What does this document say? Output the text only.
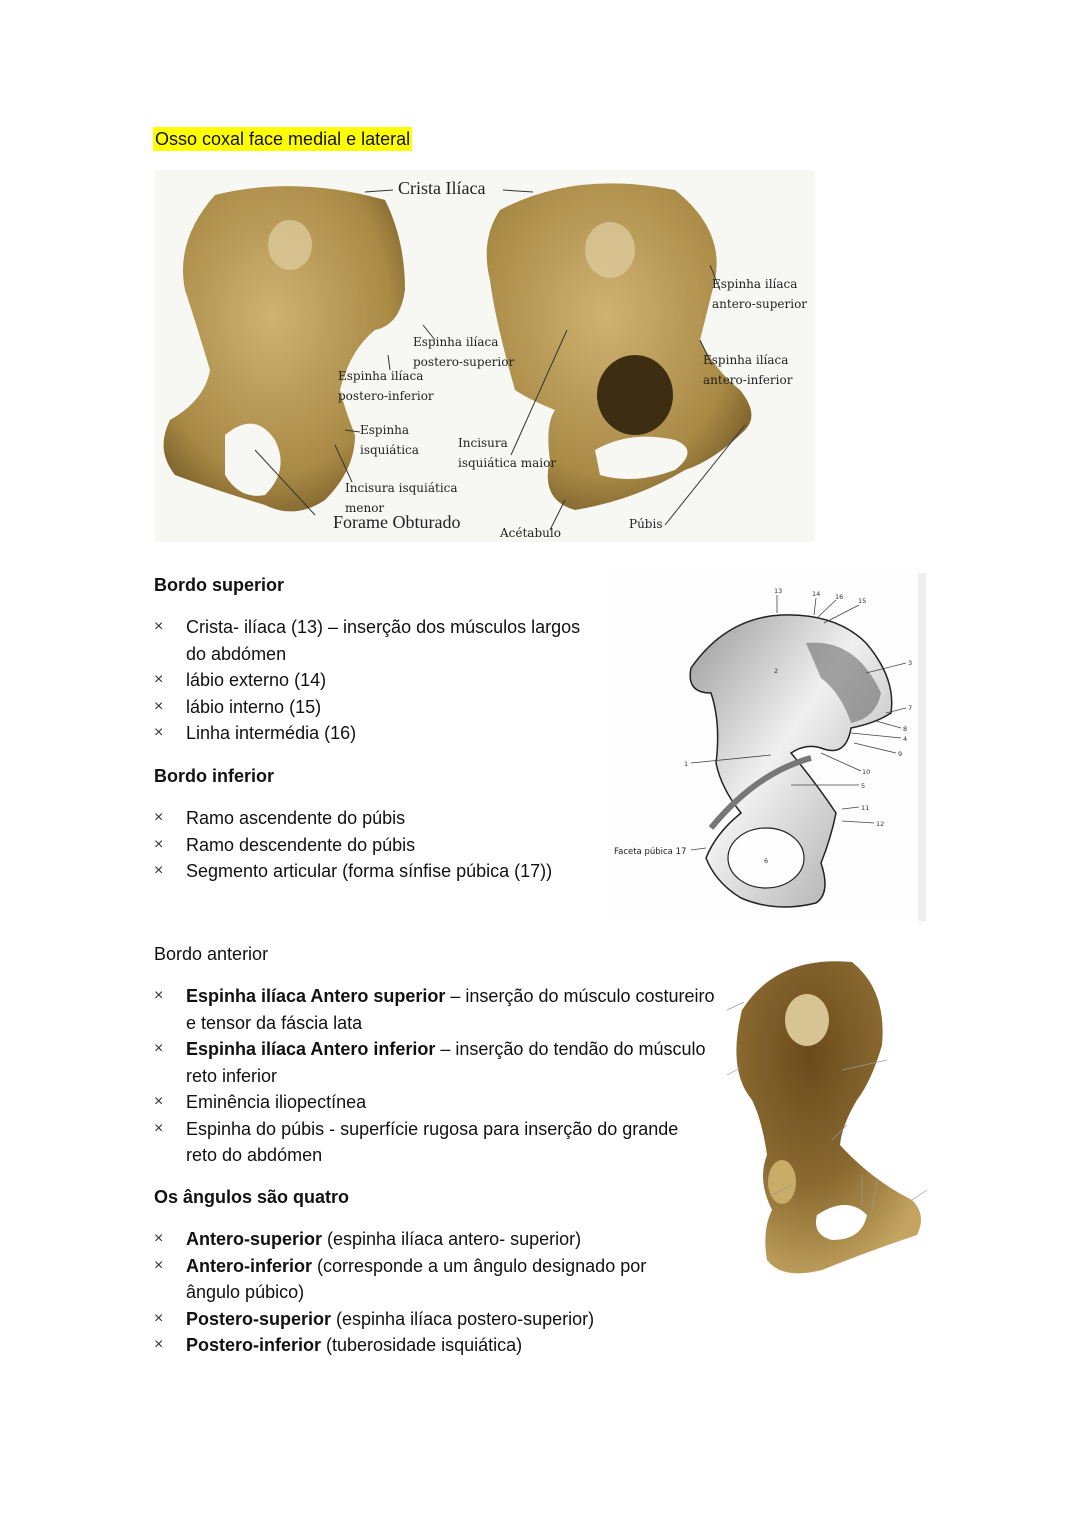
Osso coxal face medial e lateral
Crista Ilíaca
Espinha ilíaca
postero-superior
Espinha ilíaca
postero-inferior
Espinha
isquiática
Incisura isquiática
menor
Forame Obturado
Incisura
isquiática maior
Acétabulo
Púbis
Espinha ilíaca
antero-superior
Espinha ilíaca
antero-inferior
Bordo superior
× Crista- ilíaca (13) – inserção dos músculos largos
do abdómen
× lábio externo (14)
× lábio interno (15)
× Linha intermédia (16)
Bordo inferior
× Ramo ascendente do púbis
× Ramo descendente do púbis
× Segmento articular (forma sínfise púbica (17))
13	14 16 15
3
7
8
4
9
10
5
11
12
1
2
6
Faceta púbica 17
Bordo anterior
× Espinha ilíaca Antero superior – inserção do músculo costureiro
e tensor da fáscia lata
× Espinha ilíaca Antero inferior – inserção do tendão do músculo
reto inferior
× Eminência iliopectínea
× Espinha do púbis - superfície rugosa para inserção do grande
reto do abdómen
Os ângulos são quatro
× Antero-superior (espinha ilíaca antero- superior)
× Antero-inferior (corresponde a um ângulo designado por
ângulo púbico)
× Postero-superior (espinha ilíaca postero-superior)
× Postero-inferior (tuberosidade isquiática)
